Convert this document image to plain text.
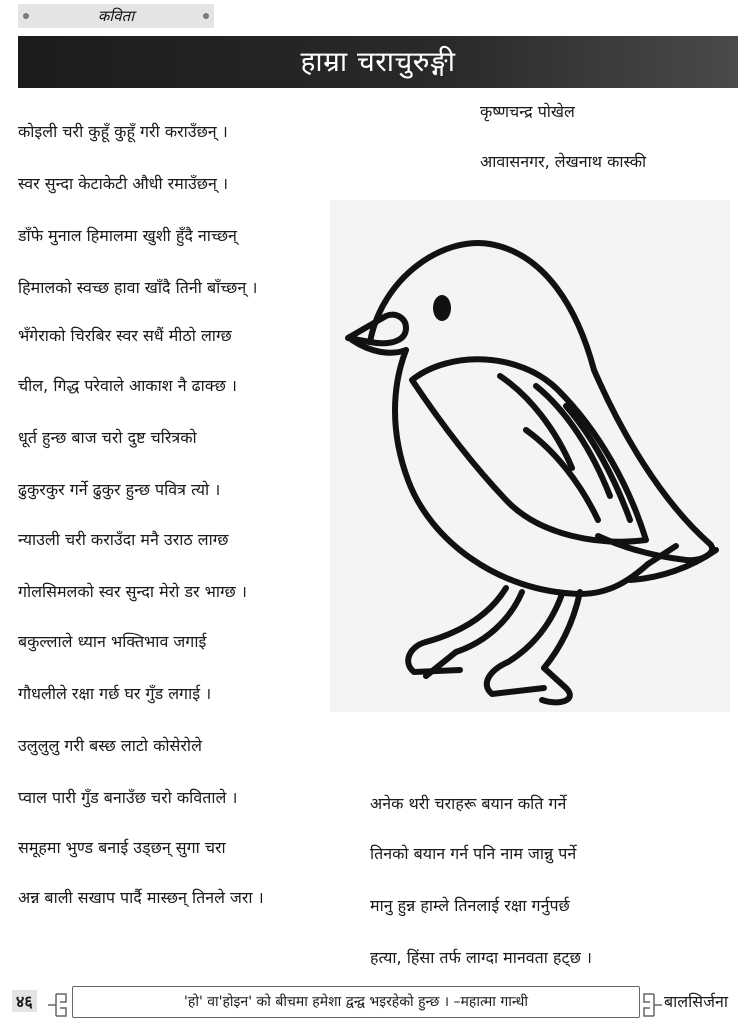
कविता
हाम्रा चराचुरुङ्गी
कृष्णचन्द्र पोखेल
आवासनगर, लेखनाथ कास्की
कोइली चरी कुहूँ कुहूँ गरी कराउँछन् ।
स्वर सुन्दा केटाकेटी औधी रमाउँछन् ।
डाँफे मुनाल हिमालमा खुशी हुँदै नाच्छन्
हिमालको स्वच्छ हावा खाँदै तिनी बाँच्छन् ।
भँगेराको चिरबिर स्वर सधैं मीठो लाग्छ
चील, गिद्ध परेवाले आकाश नै ढाक्छ ।
धूर्त हुन्छ बाज चरो दुष्ट चरित्रको
ढुकुरकुर गर्ने ढुकुर हुन्छ पवित्र त्यो ।
न्याउली चरी कराउँदा मनै उराठ लाग्छ
गोलसिमलको स्वर सुन्दा मेरो डर भाग्छ ।
बकुल्लाले ध्यान भक्तिभाव जगाई
गौधलीले रक्षा गर्छ घर गुँड लगाई ।
उलुलुलु गरी बस्छ लाटो कोसेरोले
प्वाल पारी गुँड बनाउँछ चरो कविताले ।
समूहमा भुण्ड बनाई उड्छन् सुगा चरा
अन्न बाली सखाप पार्दै मास्छन् तिनले जरा ।
अनेक थरी चराहरू बयान कति गर्ने
तिनको बयान गर्न पनि नाम जान्नु पर्ने
मानु हुन्न हाम्ले तिनलाई रक्षा गर्नुपर्छ
हत्या, हिंसा तर्फ लाग्दा मानवता हट्छ ।
४६	'हो' वा'होइन' को बीचमा हमेशा द्वन्द्व भइरहेको हुन्छ । –महात्मा गान्धी	बालसिर्जना
